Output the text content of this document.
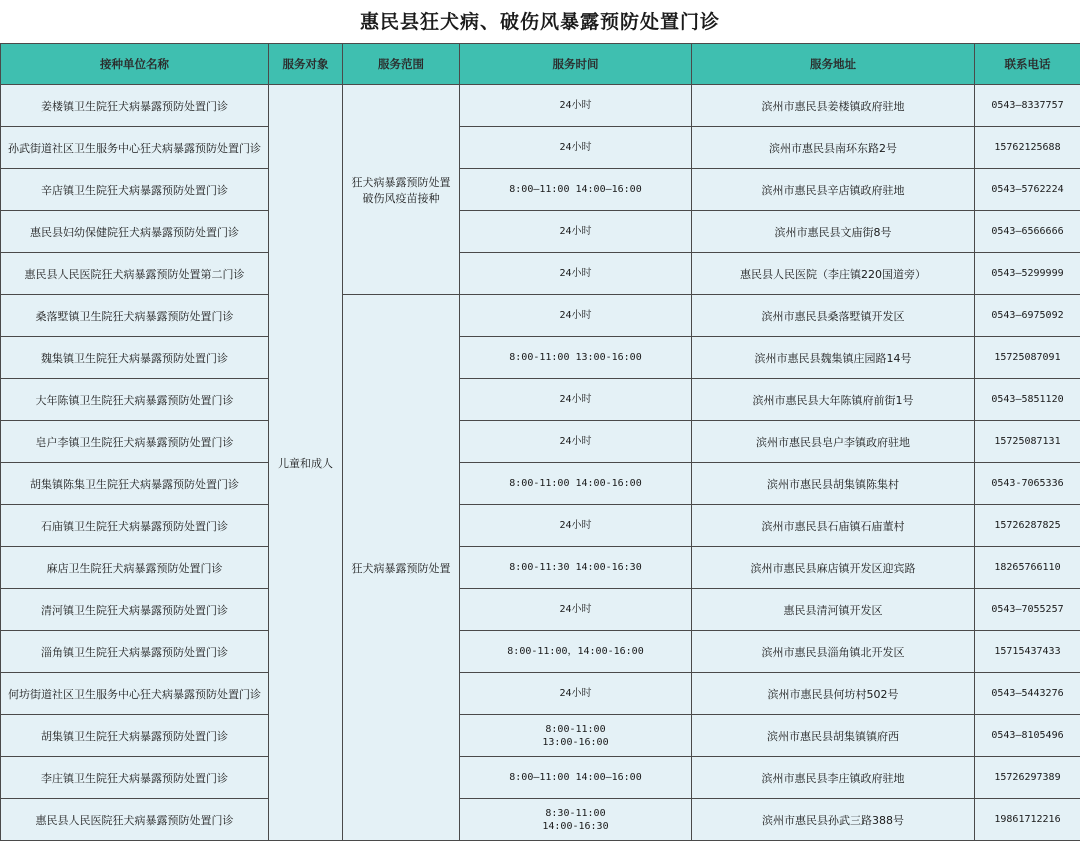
惠民县狂犬病、破伤风暴露预防处置门诊
接种单位名称	服务对象	服务范围	服务时间	服务地址	联系电话
姜楼镇卫生院狂犬病暴露预防处置门诊	儿童和成人	狂犬病暴露预防处置
破伤风疫苗接种	24小时	滨州市惠民县姜楼镇政府驻地	0543—8337757
孙武街道社区卫生服务中心狂犬病暴露预防处置门诊			24小时	滨州市惠民县南环东路2号	15762125688
辛店镇卫生院狂犬病暴露预防处置门诊			8:00—11:00 14:00—16:00	滨州市惠民县辛店镇政府驻地	0543—5762224
惠民县妇幼保健院狂犬病暴露预防处置门诊			24小时	滨州市惠民县文庙街8号	0543—6566666
惠民县人民医院狂犬病暴露预防处置第二门诊			24小时	惠民县人民医院（李庄镇220国道旁）	0543—5299999
桑落墅镇卫生院狂犬病暴露预防处置门诊		狂犬病暴露预防处置	24小时	滨州市惠民县桑落墅镇开发区	0543—6975092
魏集镇卫生院狂犬病暴露预防处置门诊			8:00-11:00 13:00-16:00	滨州市惠民县魏集镇庄园路14号	15725087091
大年陈镇卫生院狂犬病暴露预防处置门诊			24小时	滨州市惠民县大年陈镇府前街1号	0543—5851120
皂户李镇卫生院狂犬病暴露预防处置门诊			24小时	滨州市惠民县皂户李镇政府驻地	15725087131
胡集镇陈集卫生院狂犬病暴露预防处置门诊			8:00-11:00 14:00-16:00	滨州市惠民县胡集镇陈集村	0543-7065336
石庙镇卫生院狂犬病暴露预防处置门诊			24小时	滨州市惠民县石庙镇石庙董村	15726287825
麻店卫生院狂犬病暴露预防处置门诊			8:00-11:30 14:00-16:30	滨州市惠民县麻店镇开发区迎宾路	18265766110
清河镇卫生院狂犬病暴露预防处置门诊			24小时	惠民县清河镇开发区	0543—7055257
淄角镇卫生院狂犬病暴露预防处置门诊			8:00-11:00，14:00-16:00	滨州市惠民县淄角镇北开发区	15715437433
何坊街道社区卫生服务中心狂犬病暴露预防处置门诊			24小时	滨州市惠民县何坊村502号	0543—5443276
胡集镇卫生院狂犬病暴露预防处置门诊			8:00-11:00
13:00-16:00	滨州市惠民县胡集镇镇府西	0543—8105496
李庄镇卫生院狂犬病暴露预防处置门诊			8:00—11:00 14:00—16:00	滨州市惠民县李庄镇政府驻地	15726297389
惠民县人民医院狂犬病暴露预防处置门诊			8:30-11:00
14:00-16:30	滨州市惠民县孙武三路388号	19861712216
